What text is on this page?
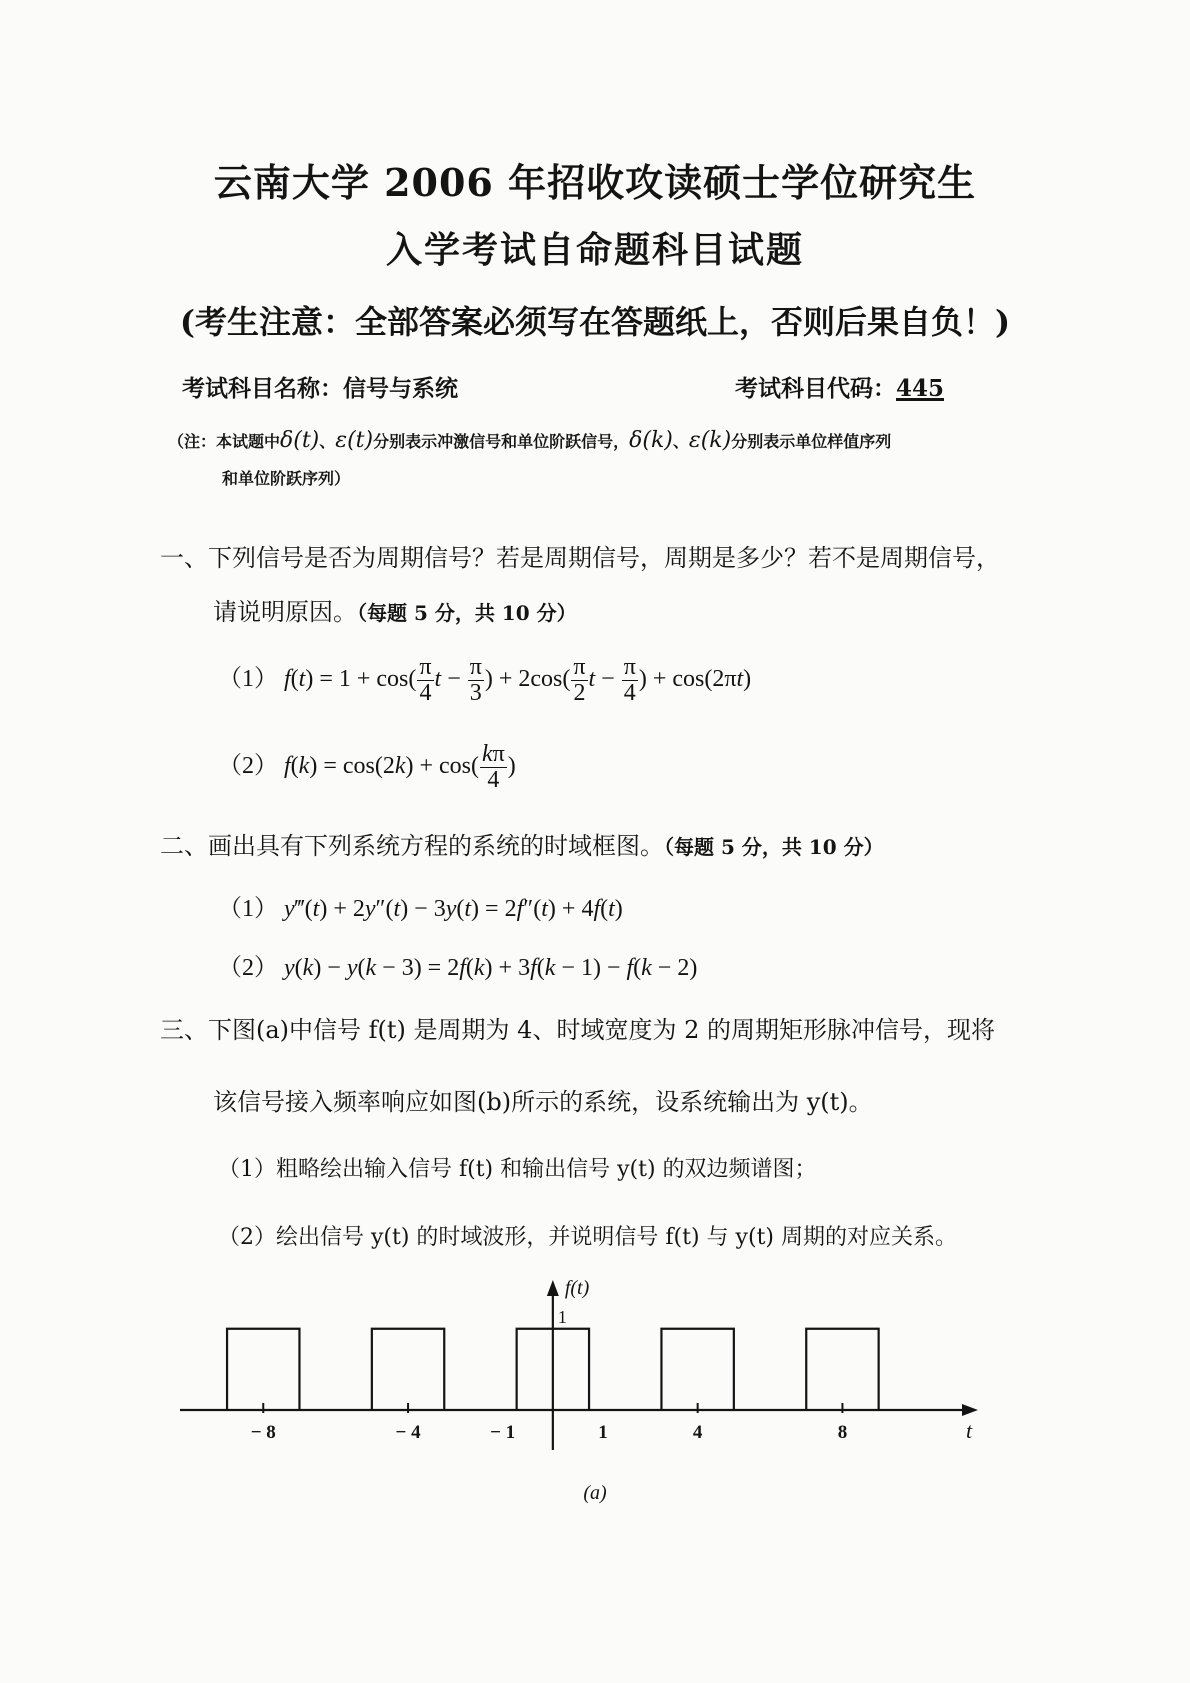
云南大学 2006 年招收攻读硕士学位研究生
入学考试自命题科目试题
(考生注意：全部答案必须写在答题纸上，否则后果自负！)
考试科目名称：信号与系统	考试科目代码：445
（注：本试题中δ(t)、ε(t)分别表示冲激信号和单位阶跃信号，δ(k)、ε(k)分别表示单位样值序列
和单位阶跃序列）
一、下列信号是否为周期信号？若是周期信号，周期是多少？若不是周期信号，
请说明原因。（每题 5 分，共 10 分）
（1） $f(t) = 1 + \cos( \frac{\pi}{4}$ $t - \frac{\pi}{3}$ ) + $2\cos( \frac{\pi}{2}$ $t - \frac{\pi}{4}$ ) + cos(2πt)
（2） $f(k) = \cos(2k) + \cos( \frac{k\pi}{4}$ )
二、画出具有下列系统方程的系统的时域框图。（每题 5 分，共 10 分）
（1） y‴(t) + 2y″(t) − 3y(t) = 2f″(t) + 4f(t)
（2） y(k) − y(k − 3) = 2f(k) + 3f(k − 1) − f(k − 2)
三、下图(a)中信号 f(t) 是周期为 4、时域宽度为 2 的周期矩形脉冲信号，现将
该信号接入频率响应如图(b)所示的系统，设系统输出为 y(t)。
（1）粗略绘出输入信号 f(t) 和输出信号 y(t) 的双边频谱图；
（2）绘出信号 y(t) 的时域波形，并说明信号 f(t) 与 y(t) 周期的对应关系。
f(t)
t
1
− 8	− 4	− 1	1	4	8
(a)
